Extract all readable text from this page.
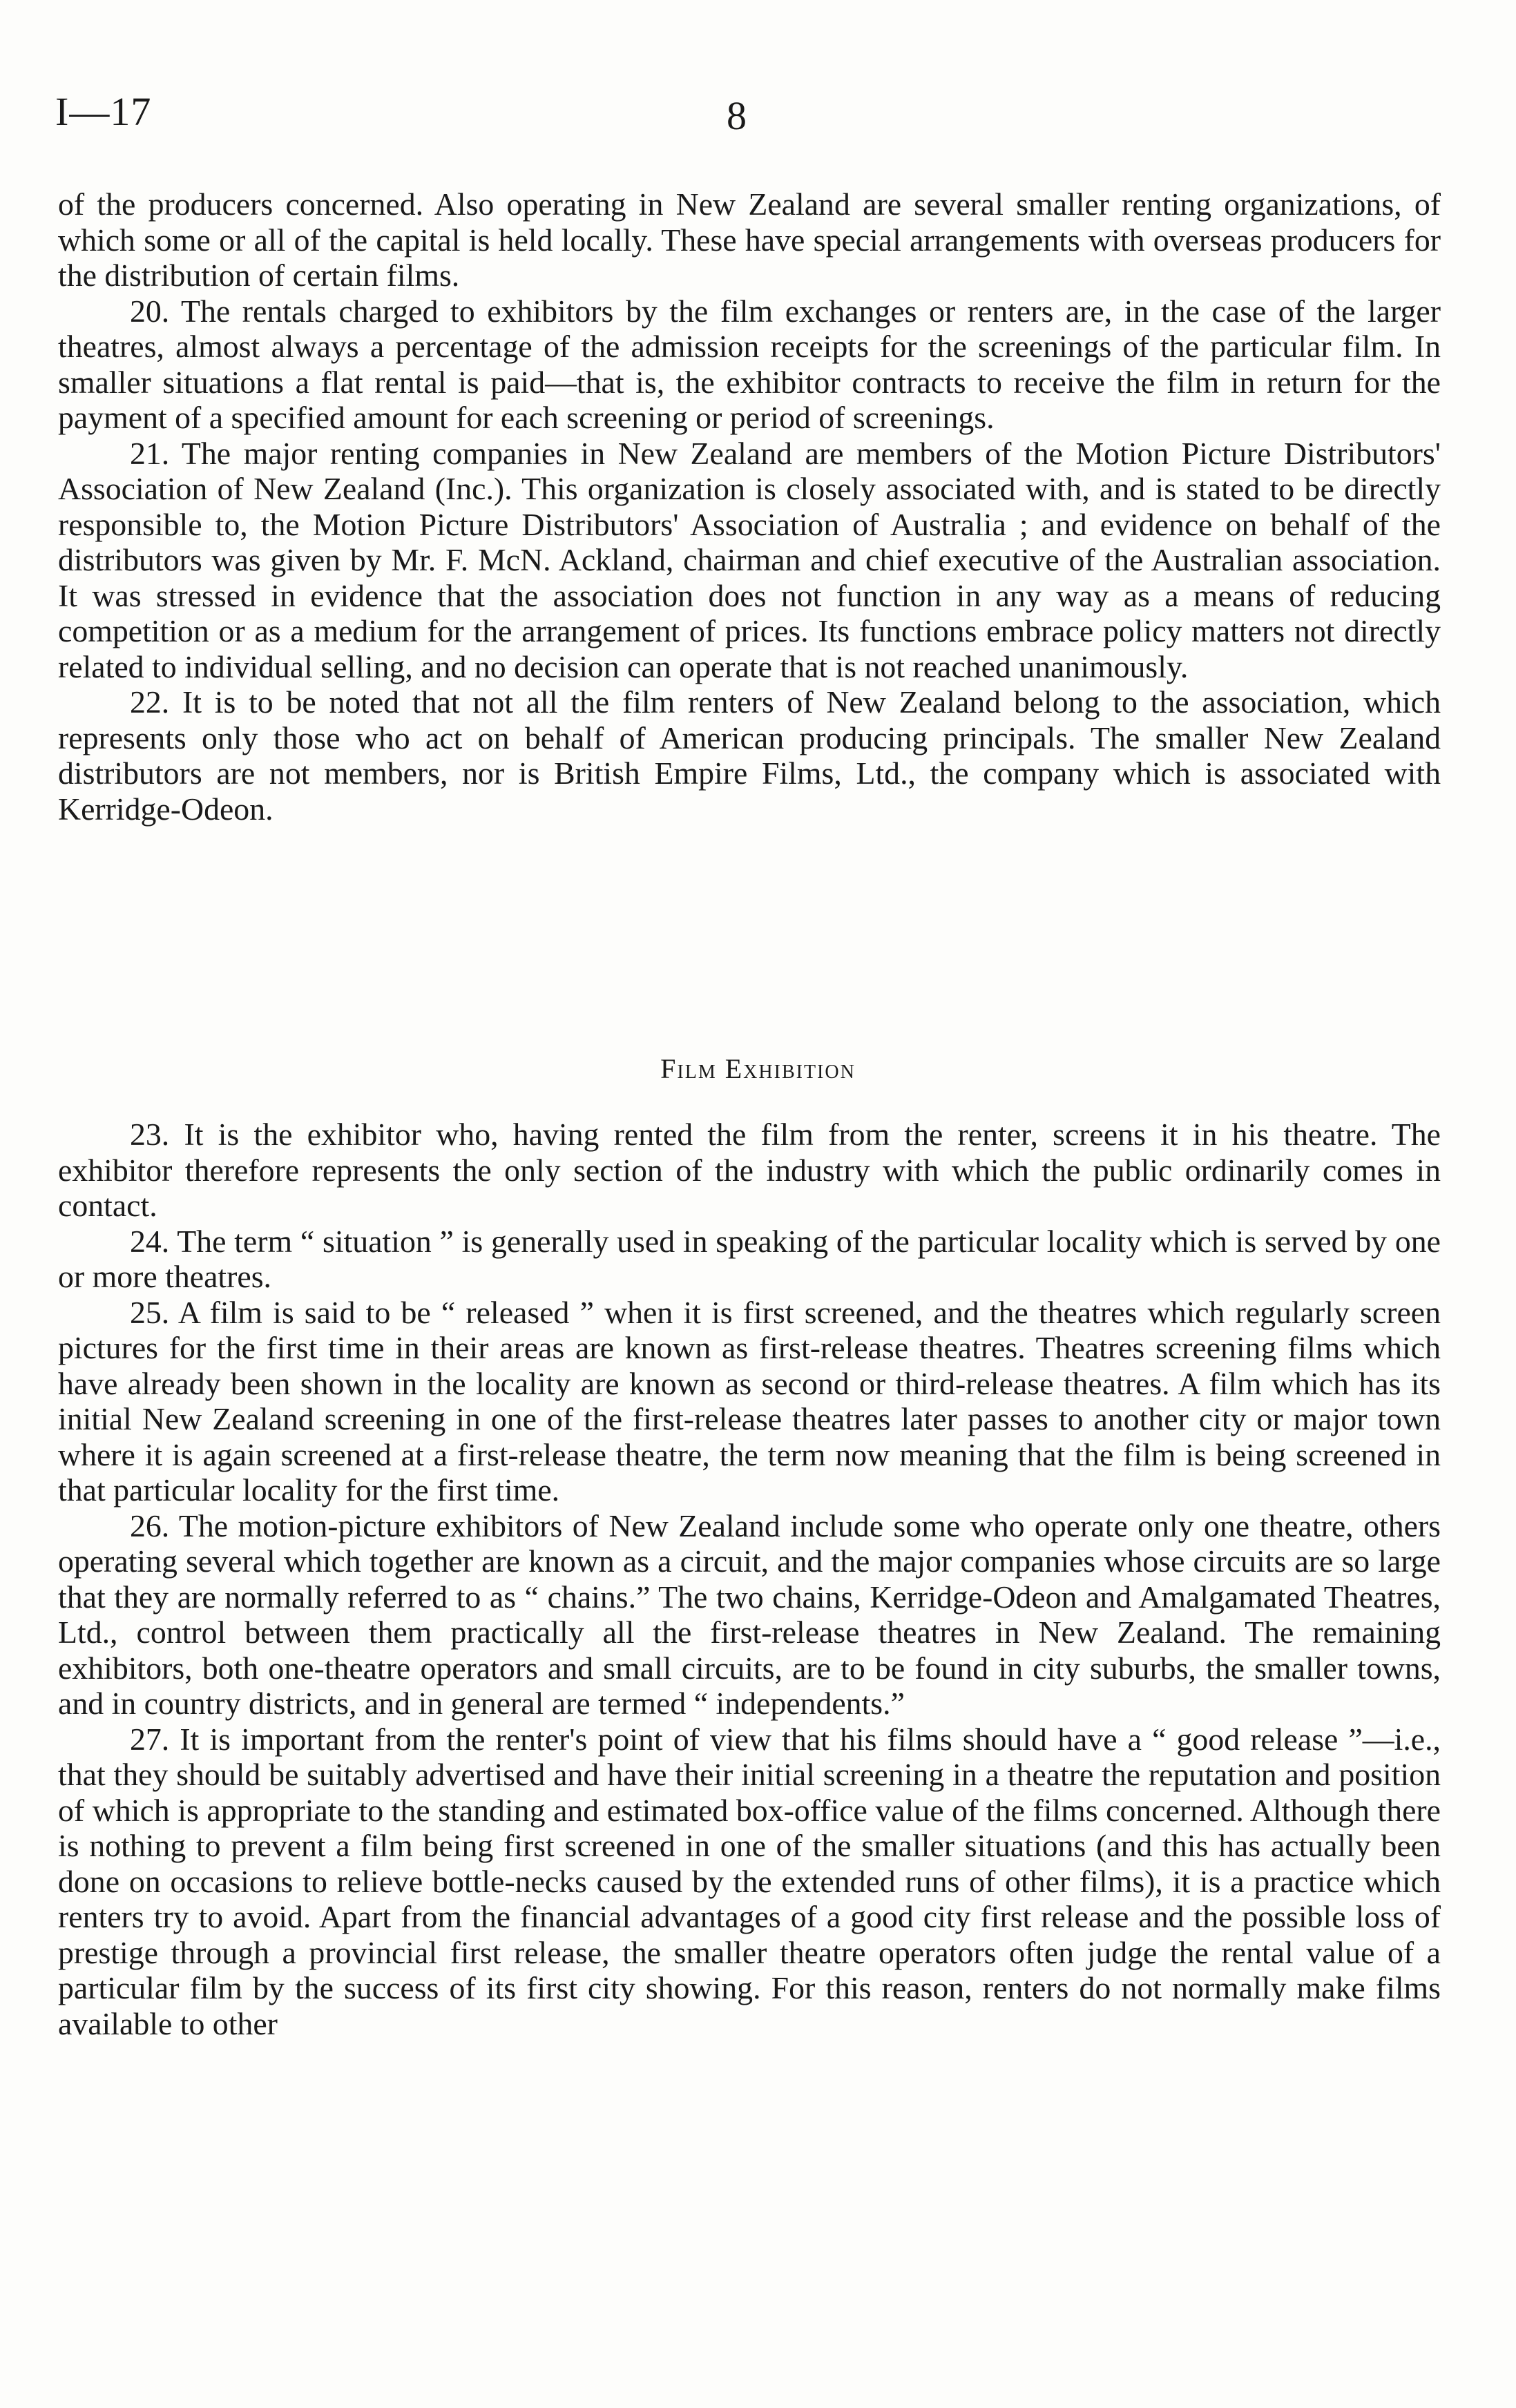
I—17	8

of the producers concerned. Also operating in New Zealand are several smaller renting organizations, of which some or all of the capital is held locally. These have special arrangements with overseas producers for the distribution of certain films.

20. The rentals charged to exhibitors by the film exchanges or renters are, in the case of the larger theatres, almost always a percentage of the admission receipts for the screenings of the particular film. In smaller situations a flat rental is paid—that is, the exhibitor contracts to receive the film in return for the payment of a specified amount for each screening or period of screenings.

21. The major renting companies in New Zealand are members of the Motion Picture Distributors' Association of New Zealand (Inc.). This organization is closely associated with, and is stated to be directly responsible to, the Motion Picture Distributors' Association of Australia ; and evidence on behalf of the distributors was given by Mr. F. McN. Ackland, chairman and chief executive of the Australian association. It was stressed in evidence that the association does not function in any way as a means of reducing competition or as a medium for the arrangement of prices. Its functions embrace policy matters not directly related to individual selling, and no decision can operate that is not reached unanimously.

22. It is to be noted that not all the film renters of New Zealand belong to the association, which represents only those who act on behalf of American producing principals. The smaller New Zealand distributors are not members, nor is British Empire Films, Ltd., the company which is associated with Kerridge-Odeon.

Film Exhibition

23. It is the exhibitor who, having rented the film from the renter, screens it in his theatre. The exhibitor therefore represents the only section of the industry with which the public ordinarily comes in contact.

24. The term “ situation ” is generally used in speaking of the particular locality which is served by one or more theatres.

25. A film is said to be “ released ” when it is first screened, and the theatres which regularly screen pictures for the first time in their areas are known as first-release theatres. Theatres screening films which have already been shown in the locality are known as second or third-release theatres. A film which has its initial New Zealand screening in one of the first-release theatres later passes to another city or major town where it is again screened at a first-release theatre, the term now meaning that the film is being screened in that particular locality for the first time.

26. The motion-picture exhibitors of New Zealand include some who operate only one theatre, others operating several which together are known as a circuit, and the major companies whose circuits are so large that they are normally referred to as “ chains.” The two chains, Kerridge-Odeon and Amalgamated Theatres, Ltd., control between them practically all the first-release theatres in New Zealand. The remaining exhibitors, both one-theatre operators and small circuits, are to be found in city suburbs, the smaller towns, and in country districts, and in general are termed “ independents.”

27. It is important from the renter's point of view that his films should have a “ good release ”—i.e., that they should be suitably advertised and have their initial screening in a theatre the reputation and position of which is appropriate to the standing and estimated box-office value of the films concerned. Although there is nothing to prevent a film being first screened in one of the smaller situations (and this has actually been done on occasions to relieve bottle-necks caused by the extended runs of other films), it is a practice which renters try to avoid. Apart from the financial advantages of a good city first release and the possible loss of prestige through a provincial first release, the smaller theatre operators often judge the rental value of a particular film by the success of its first city showing. For this reason, renters do not normally make films available to other
